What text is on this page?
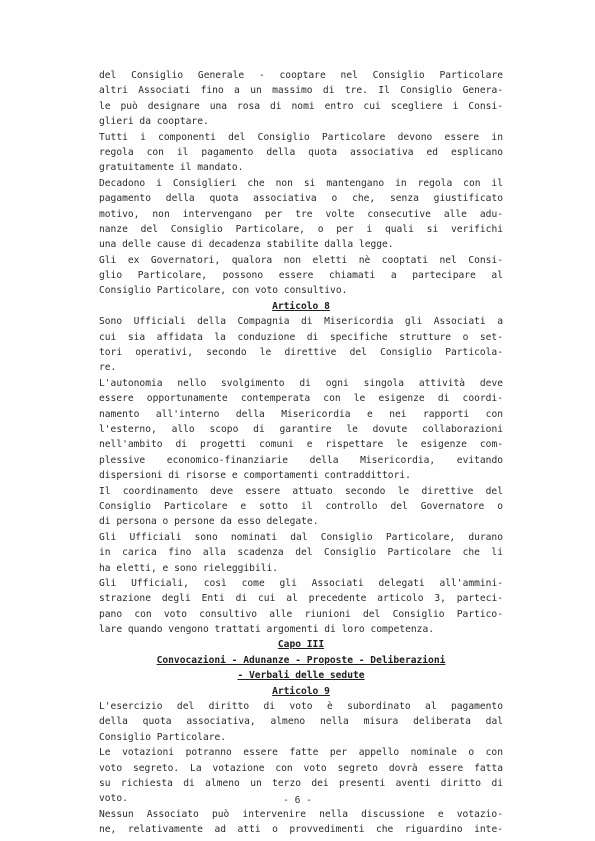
del Consiglio Generale - cooptare nel Consiglio Particolare
altri Associati fino a un massimo di tre. Il Consiglio Genera-
le può designare una rosa di nomi entro cui scegliere i Consi-
glieri da cooptare.
Tutti i componenti del Consiglio Particolare devono essere in
regola con il pagamento della quota associativa ed esplicano
gratuitamente il mandato.
Decadono i Consiglieri che non si mantengano in regola con il
pagamento della quota associativa o che, senza giustificato
motivo, non intervengano per tre volte consecutive alle adu-
nanze del Consiglio Particolare, o per i quali si verifichi
una delle cause di decadenza stabilite dalla legge.
Gli ex Governatori, qualora non eletti nè cooptati nel Consi-
glio Particolare, possono essere chiamati a partecipare al
Consiglio Particolare, con voto consultivo.
Articolo 8
Sono Ufficiali della Compagnia di Misericordia gli Associati a
cui sia affidata la conduzione di specifiche strutture o set-
tori operativi, secondo le direttive del Consiglio Particola-
re.
L'autonomia nello svolgimento di ogni singola attività deve
essere opportunamente contemperata con le esigenze di coordi-
namento all'interno della Misericordia e nei rapporti con
l'esterno, allo scopo di garantire le dovute collaborazioni
nell'ambito di progetti comuni e rispettare le esigenze com-
plessive economico-finanziarie della Misericordia, evitando
dispersioni di risorse e comportamenti contraddittori.
Il coordinamento deve essere attuato secondo le direttive del
Consiglio Particolare e sotto il controllo del Governatore o
di persona o persone da esso delegate.
Gli Ufficiali sono nominati dal Consiglio Particolare, durano
in carica fino alla scadenza del Consiglio Particolare che li
ha eletti, e sono rieleggibili.
Gli Ufficiali, così come gli Associati delegati all'ammini-
strazione degli Enti di cui al precedente articolo 3, parteci-
pano con voto consultivo alle riunioni del Consiglio Partico-
lare quando vengono trattati argomenti di loro competenza.
Capo III
Convocazioni - Adunanze - Proposte - Deliberazioni
- Verbali delle sedute
Articolo 9
L'esercizio del diritto di voto è subordinato al pagamento
della quota associativa, almeno nella misura deliberata dal
Consiglio Particolare.
Le votazioni potranno essere fatte per appello nominale o con
voto segreto. La votazione con voto segreto dovrà essere fatta
su richiesta di almeno un terzo dei presenti aventi diritto di
voto.
Nessun Associato può intervenire nella discussione e votazio-
ne, relativamente ad atti o provvedimenti che riguardino inte-
- 6 -
